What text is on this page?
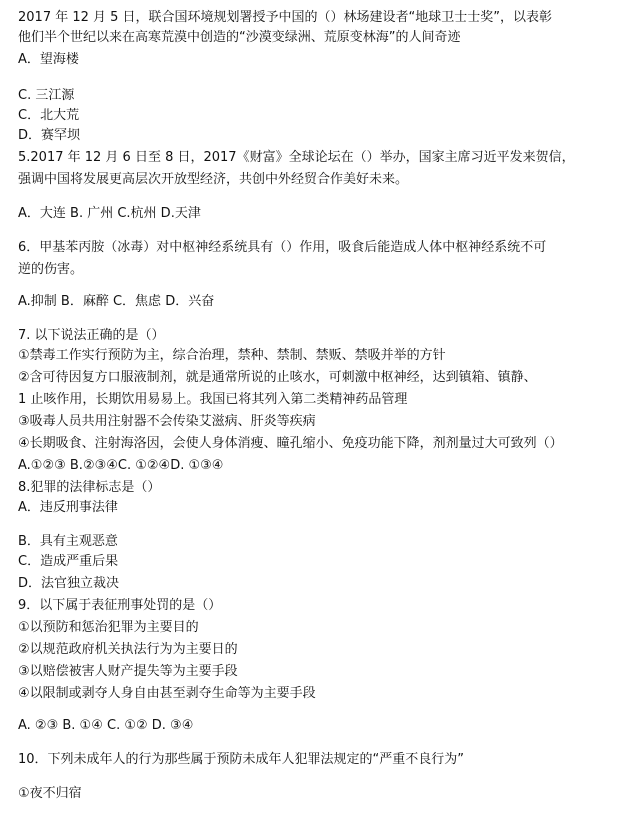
2017 年 12 月 5 日，联合国环境规划署授予中国的（）林场建设者“地球卫士士奖”，以表彰
他们半个世纪以来在高寒荒漠中创造的“沙漠变绿洲、荒原变林海”的人间奇迹
A．望海楼
C. 三江源
C．北大荒
D．赛罕坝
5.2017 年 12 月 6 日至 8 日，2017《财富》全球论坛在（）举办，国家主席习近平发来贺信，
强调中国将发展更高层次开放型经济，共创中外经贸合作美好未来。
A．大连 B. 广州 C.杭州 D.天津
6．甲基苯丙胺（冰毒）对中枢神经系统具有（）作用，吸食后能造成人体中枢神经系统不可
逆的伤害。
A.抑制 B．麻醉 C．焦虑 D．兴奋
7. 以下说法正确的是（）
①禁毒工作实行预防为主，综合治理，禁种、禁制、禁贩、禁吸并举的方针
②含可待因复方口服液制剂，就是通常所说的止咳水，可刺激中枢神经，达到镇箱、镇静、
1 止咳作用，长期饮用易易上。我国已将其列入第二类精神药品管理
③吸毒人员共用注射器不会传染艾滋病、肝炎等疾病
④长期吸食、注射海洛因，会使人身体消瘦、瞳孔缩小、免疫功能下降，剂剂量过大可致列（）
A.①②③ B.②③④C. ①②④D. ①③④
8.犯罪的法律标志是（）
A．违反刑事法律
B．具有主观恶意
C．造成严重后果
D．法官独立裁决
9．以下属于表征刑事处罚的是（）
①以预防和惩治犯罪为主要目的
②以规范政府机关执法行为为主要日的
③以赔偿被害人财产提失等为主要手段
④以限制或剥夺人身自由甚至剥夺生命等为主要手段
A. ②③ B. ①④ C. ①② D. ③④
10．下列未成年人的行为那些属于预防未成年人犯罪法规定的“严重不良行为”
①夜不归宿
